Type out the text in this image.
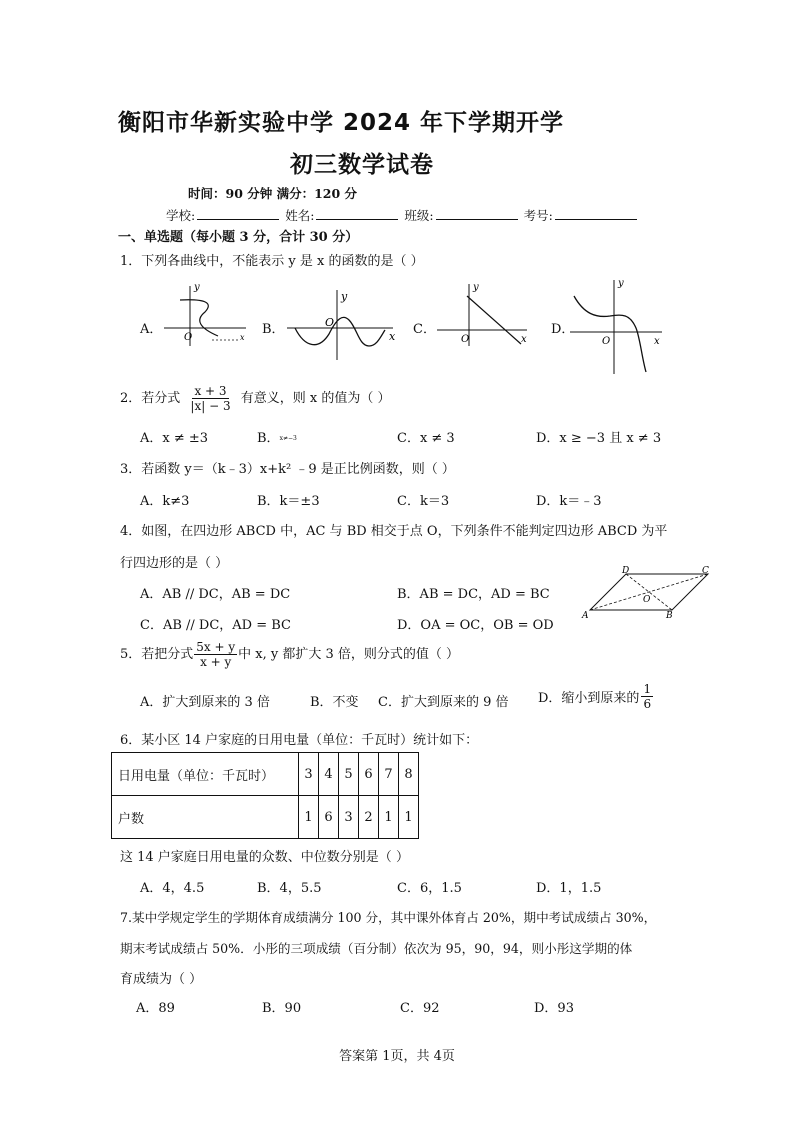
衡阳市华新实验中学 2024 年下学期开学
初三数学试卷
时间：90 分钟 满分：120 分
学校:	姓名:	班级:	考号:
一、单选题（每小题 3 分，合计 30 分）
1．下列各曲线中，不能表示 y 是 x 的函数的是（ ）
A．	B．	C．	D．
y
O	x
y
O
x
y
O	x
y
O	x
2．若分式 $\frac{x + 3}{|x| - 3}$ 有意义，则 x 的值为（ ）
A．x ≠ ±3	B．x≠−3	C．x ≠ 3	D．x ≥ −3 且 x ≠ 3
3．若函数 y＝（k﹣3）x+k² ﹣9 是正比例函数，则（ ）
A．k≠3	B．k＝±3	C．k＝3	D．k＝﹣3
4．如图，在四边形 ABCD 中，AC 与 BD 相交于点 O，下列条件不能判定四边形 ABCD 为平
行四边形的是（ ）
A．AB // DC，AB = DC	B．AB = DC，AD = BC
C．AB // DC，AD = BC	D．OA = OC，OB = OD
A	B
C
D
O
5．若把分式 $\frac{5x + y}{x + y}$ 中 x, y 都扩大 3 倍，则分式的值（ ）
A．扩大到原来的 3 倍	B．不变 C．扩大到原来的 9 倍 D．缩小到原来的 $\frac{1}{6}$
6．某小区 14 户家庭的日用电量（单位：千瓦时）统计如下：
日用电量（单位：千瓦时）	3	4	5	6	7	8
户数	1	6	3	2	1	1
这 14 户家庭日用电量的众数、中位数分别是（ ）
A．4，4.5	B．4，5.5	C．6，1.5	D．1，1.5
7.某中学规定学生的学期体育成绩满分 100 分，其中课外体育占 20%，期中考试成绩占 30%，
期末考试成绩占 50%．小彤的三项成绩（百分制）依次为 95，90，94，则小彤这学期的体
育成绩为（ ）
A．89	B．90	C．92	D．93
答案第 1页，共 4页
